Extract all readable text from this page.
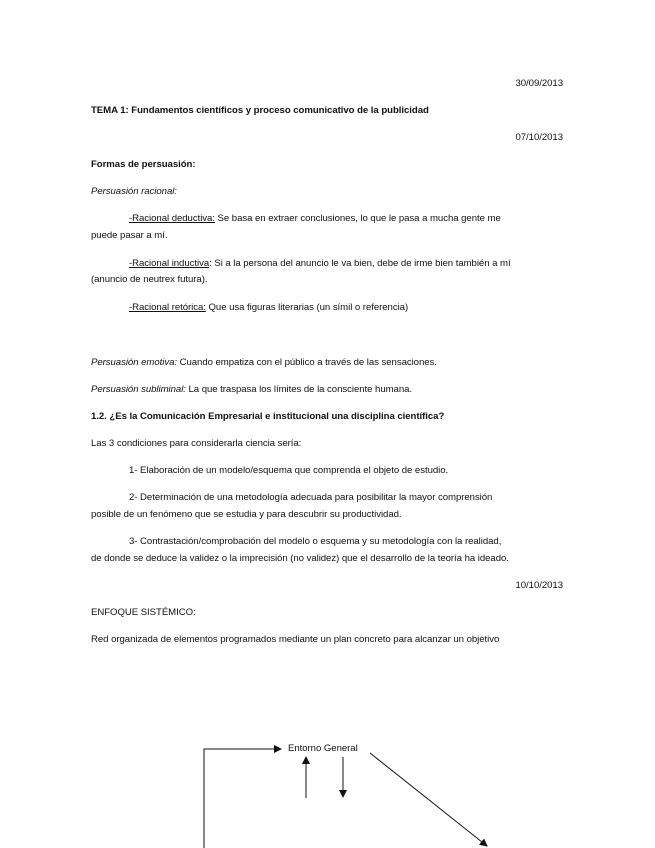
30/09/2013
TEMA 1: Fundamentos científicos y proceso comunicativo de la publicidad
07/10/2013
Formas de persuasión:
Persuasión racional:
-Racional deductiva: Se basa en extraer conclusiones, lo que le pasa a mucha gente me
puede pasar a mí.
-Racional inductiva: Si a la persona del anuncio le va bien, debe de irme bien también a mí
(anuncio de neutrex futura).
-Racional retórica: Que usa figuras literarias (un símil o referencia)
Persuasión emotiva: Cuando empatiza con el público a través de las sensaciones.
Persuasión subliminal: La que traspasa los límites de la consciente humana.
1.2. ¿Es la Comunicación Empresarial e institucional una disciplina científica?
Las 3 condiciones para considerarla ciencia sería:
1- Elaboración de un modelo/esquema que comprenda el objeto de estudio.
2- Determinación de una metodología adecuada para posibilitar la mayor comprensión
posible de un fenómeno que se estudia y para descubrir su productividad.
3- Contrastación/comprobación del modelo o esquema y su metodología con la realidad,
de donde se deduce la validez o la imprecisión (no validez) que el desarrollo de la teoría ha ideado.
10/10/2013
ENFOQUE SISTÉMICO:
Red organizada de elementos programados mediante un plan concreto para alcanzar un objetivo
Entorno General
